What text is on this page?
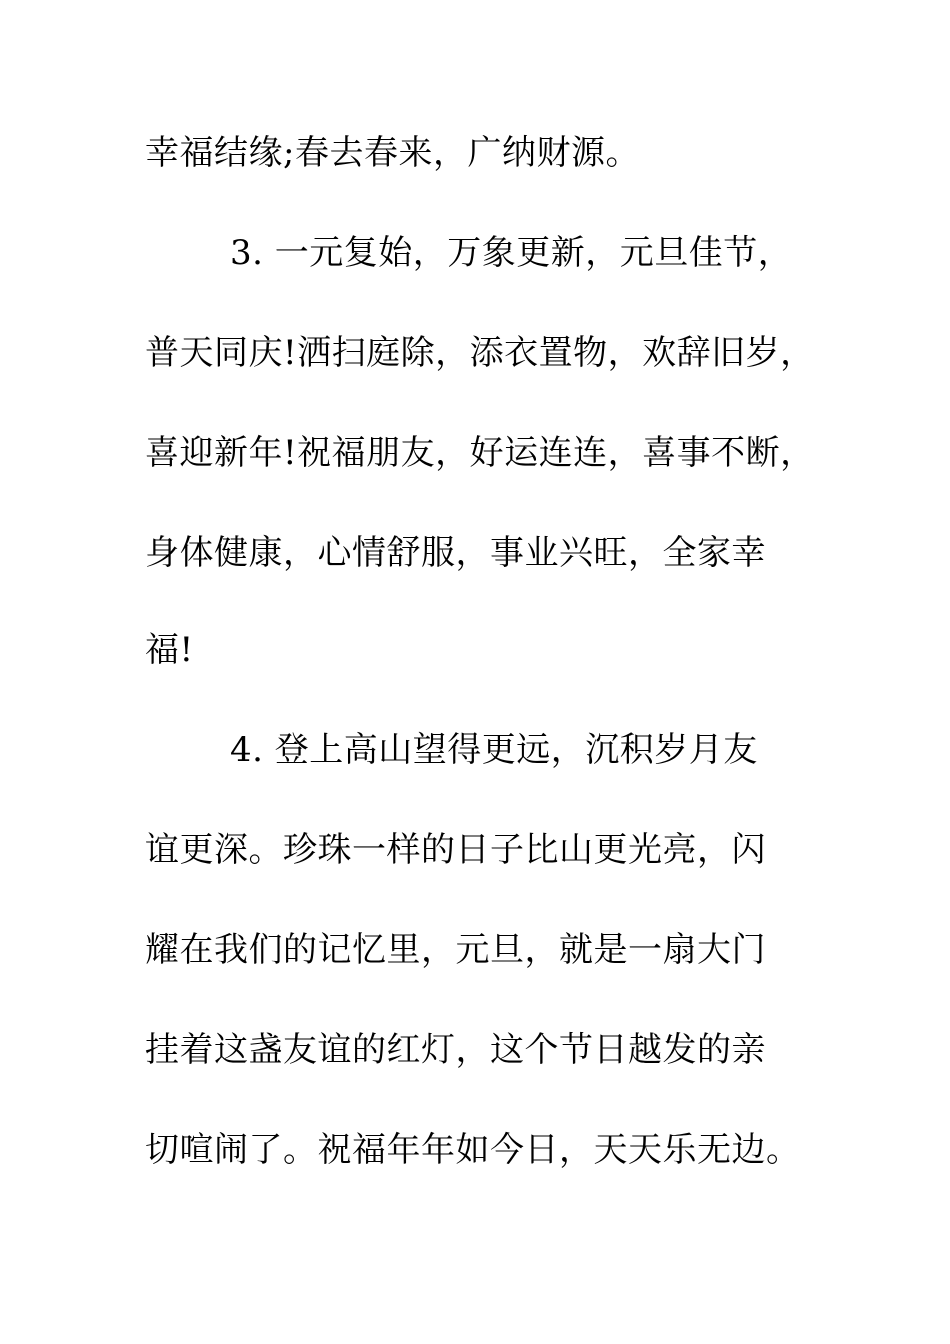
幸福结缘;春去春来，广纳财源。
3. 一元复始，万象更新，元旦佳节，
普天同庆!洒扫庭除，添衣置物，欢辞旧岁，
喜迎新年!祝福朋友，好运连连，喜事不断，
身体健康，心情舒服，事业兴旺，全家幸
福!
4. 登上高山望得更远，沉积岁月友
谊更深。珍珠一样的日子比山更光亮，闪
耀在我们的记忆里，元旦，就是一扇大门
挂着这盏友谊的红灯，这个节日越发的亲
切喧闹了。祝福年年如今日，天天乐无边。
